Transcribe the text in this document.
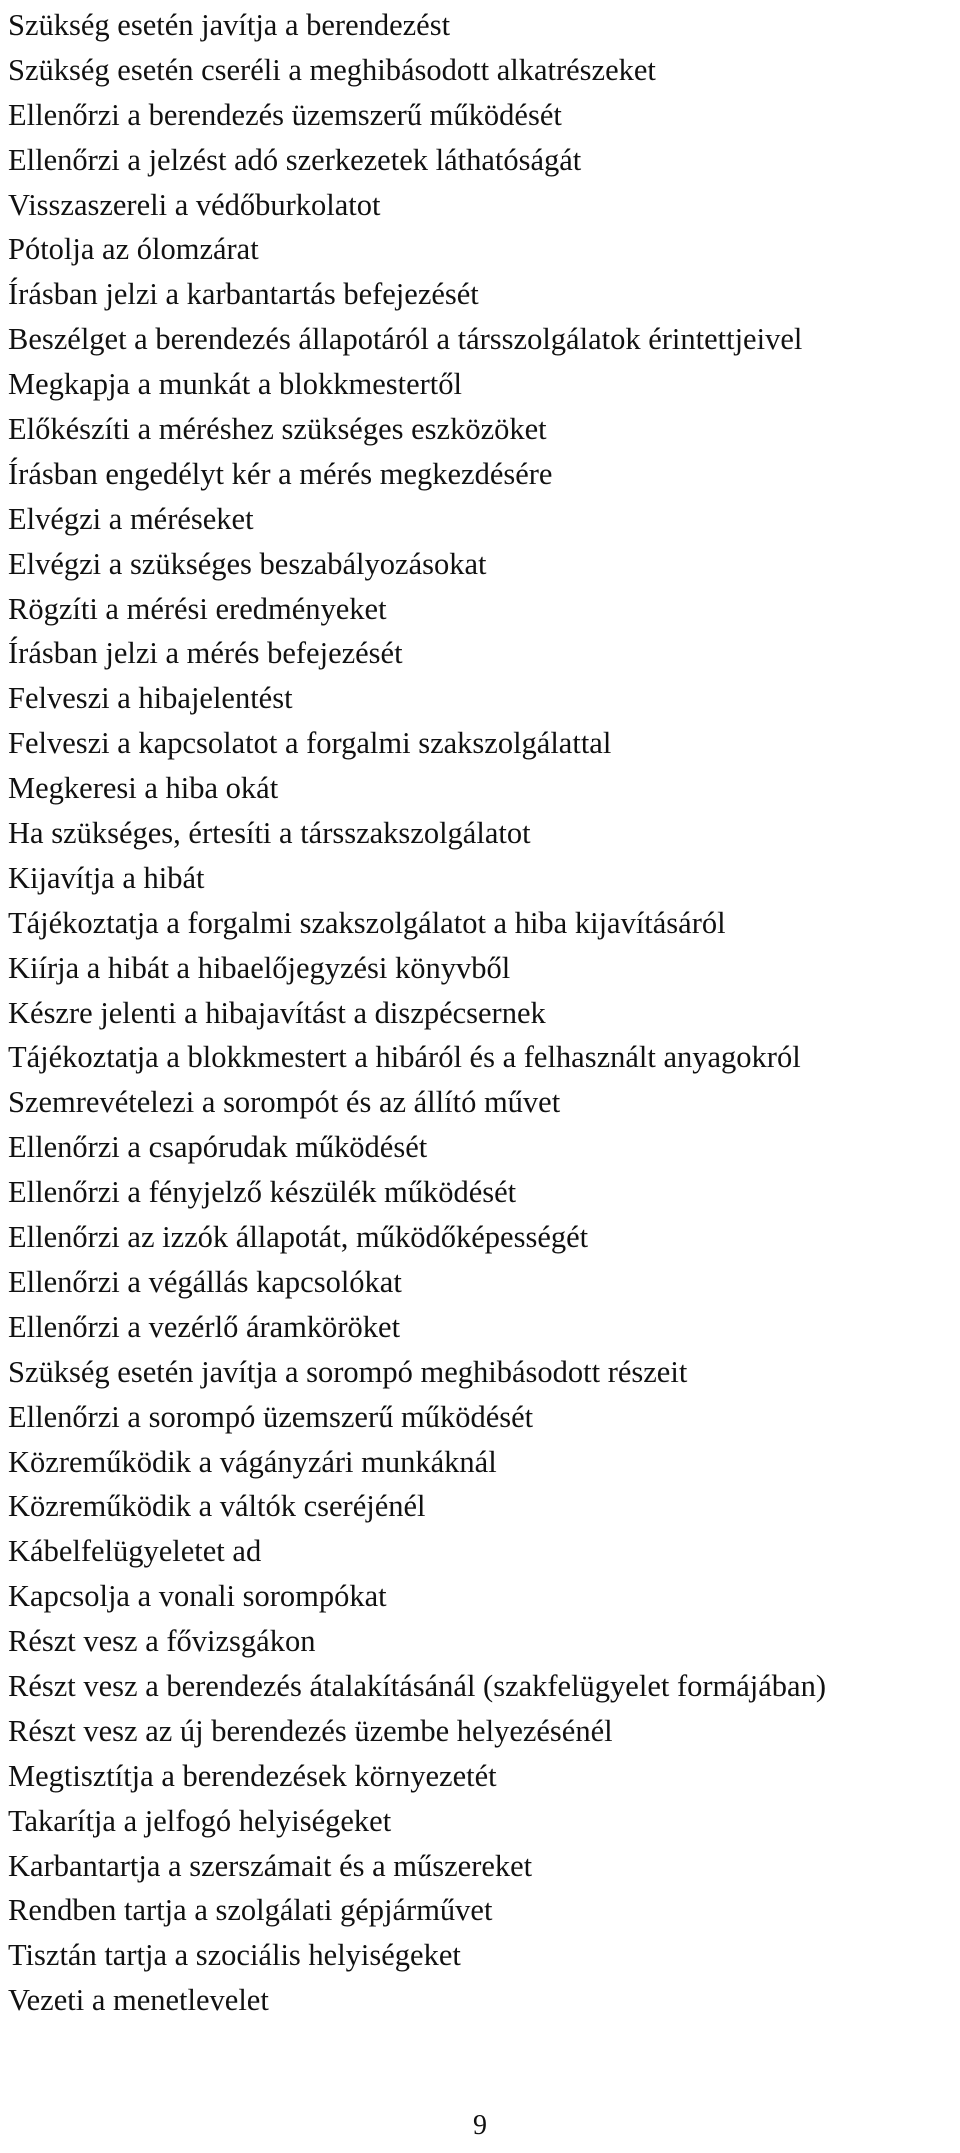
Szükség esetén javítja a berendezést
Szükség esetén cseréli a meghibásodott alkatrészeket
Ellenőrzi a berendezés üzemszerű működését
Ellenőrzi a jelzést adó szerkezetek láthatóságát
Visszaszereli a védőburkolatot
Pótolja az ólomzárat
Írásban jelzi a karbantartás befejezését
Beszélget a berendezés állapotáról a társszolgálatok érintettjeivel
Megkapja a munkát a blokkmestertől
Előkészíti a méréshez szükséges eszközöket
Írásban engedélyt kér a mérés megkezdésére
Elvégzi a méréseket
Elvégzi a szükséges beszabályozásokat
Rögzíti a mérési eredményeket
Írásban jelzi a mérés befejezését
Felveszi a hibajelentést
Felveszi a kapcsolatot a forgalmi szakszolgálattal
Megkeresi a hiba okát
Ha szükséges, értesíti a társszakszolgálatot
Kijavítja a hibát
Tájékoztatja a forgalmi szakszolgálatot a hiba kijavításáról
Kiírja a hibát a hibaelőjegyzési könyvből
Készre jelenti a hibajavítást a diszpécsernek
Tájékoztatja a blokkmestert a hibáról és a felhasznált anyagokról
Szemrevételezi a sorompót és az állító művet
Ellenőrzi a csapórudak működését
Ellenőrzi a fényjelző készülék működését
Ellenőrzi az izzók állapotát, működőképességét
Ellenőrzi a végállás kapcsolókat
Ellenőrzi a vezérlő áramköröket
Szükség esetén javítja a sorompó meghibásodott részeit
Ellenőrzi a sorompó üzemszerű működését
Közreműködik a vágányzári munkáknál
Közreműködik a váltók cseréjénél
Kábelfelügyeletet ad
Kapcsolja a vonali sorompókat
Részt vesz a fővizsgákon
Részt vesz a berendezés átalakításánál (szakfelügyelet formájában)
Részt vesz az új berendezés üzembe helyezésénél
Megtisztítja a berendezések környezetét
Takarítja a jelfogó helyiségeket
Karbantartja a szerszámait és a műszereket
Rendben tartja a szolgálati gépjárművet
Tisztán tartja a szociális helyiségeket
Vezeti a menetlevelet
9
